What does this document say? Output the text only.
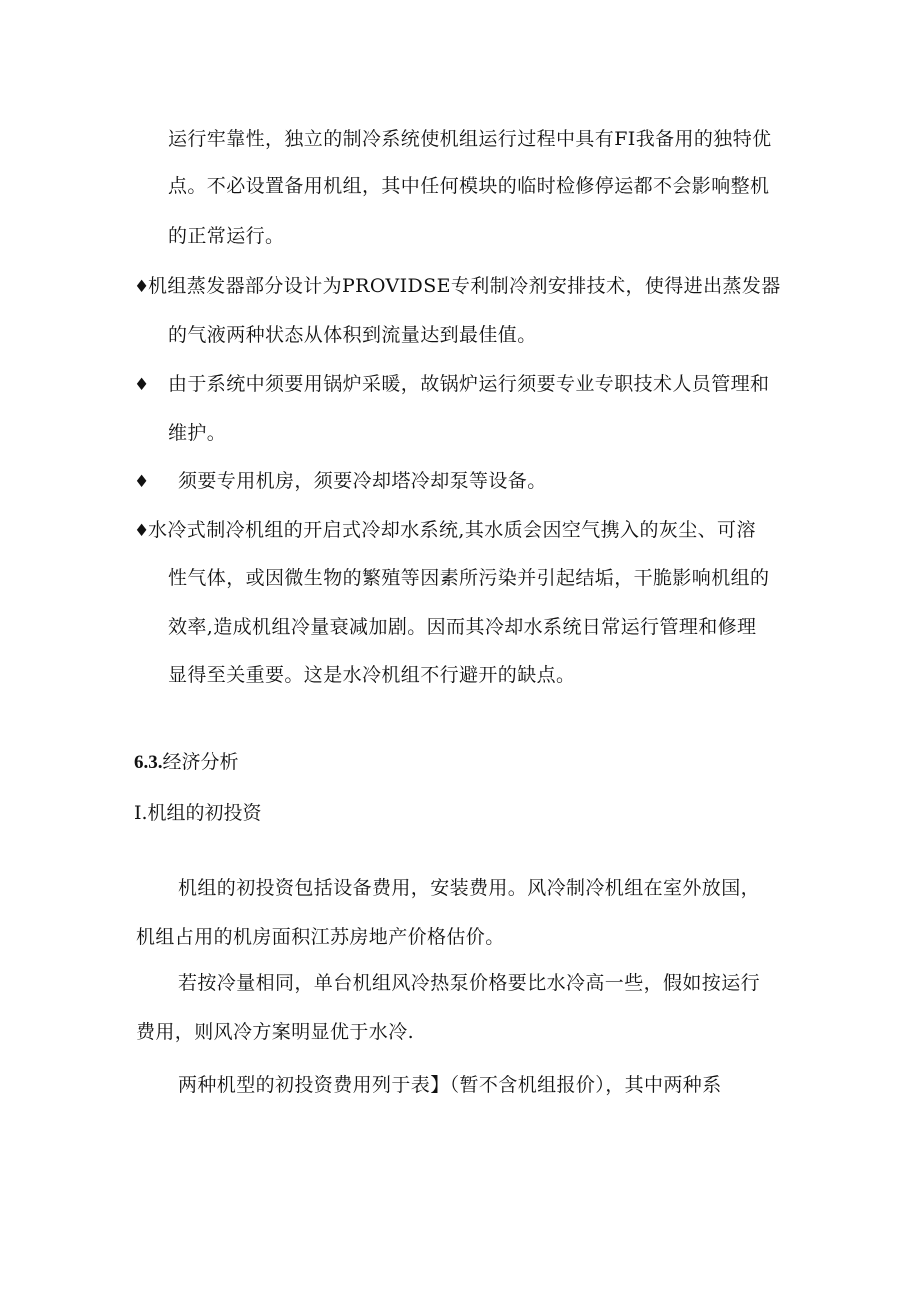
运行牢靠性，独立的制冷系统使机组运行过程中具有FI我备用的独特优
点。不必设置备用机组，其中任何模块的临时检修停运都不会影响整机
的正常运行。
♦
机组蒸发器部分设计为PROVIDSE专利制冷剂安排技术，使得进出蒸发器
的气液两种状态从体积到流量达到最佳值。
♦ 由于系统中须要用锅炉采暖，故锅炉运行须要专业专职技术人员管理和
维护。
♦ 须要专用机房，须要冷却塔冷却泵等设备。
♦
水冷式制冷机组的开启式冷却水系统,其水质会因空气携入的灰尘、可溶
性气体，或因微生物的繁殖等因素所污染并引起结垢，干脆影响机组的
效率,造成机组冷量衰减加剧。因而其冷却水系统日常运行管理和修理
显得至关重要。这是水冷机组不行避开的缺点。
6.3.经济分析
I.机组的初投资
机组的初投资包括设备费用，安装费用。风冷制冷机组在室外放国，
机组占用的机房面积江苏房地产价格估价。
若按冷量相同，单台机组风冷热泵价格要比水冷高一些，假如按运行
费用，则风冷方案明显优于水冷.
两种机型的初投资费用列于表】（暂不含机组报价），其中两种系
